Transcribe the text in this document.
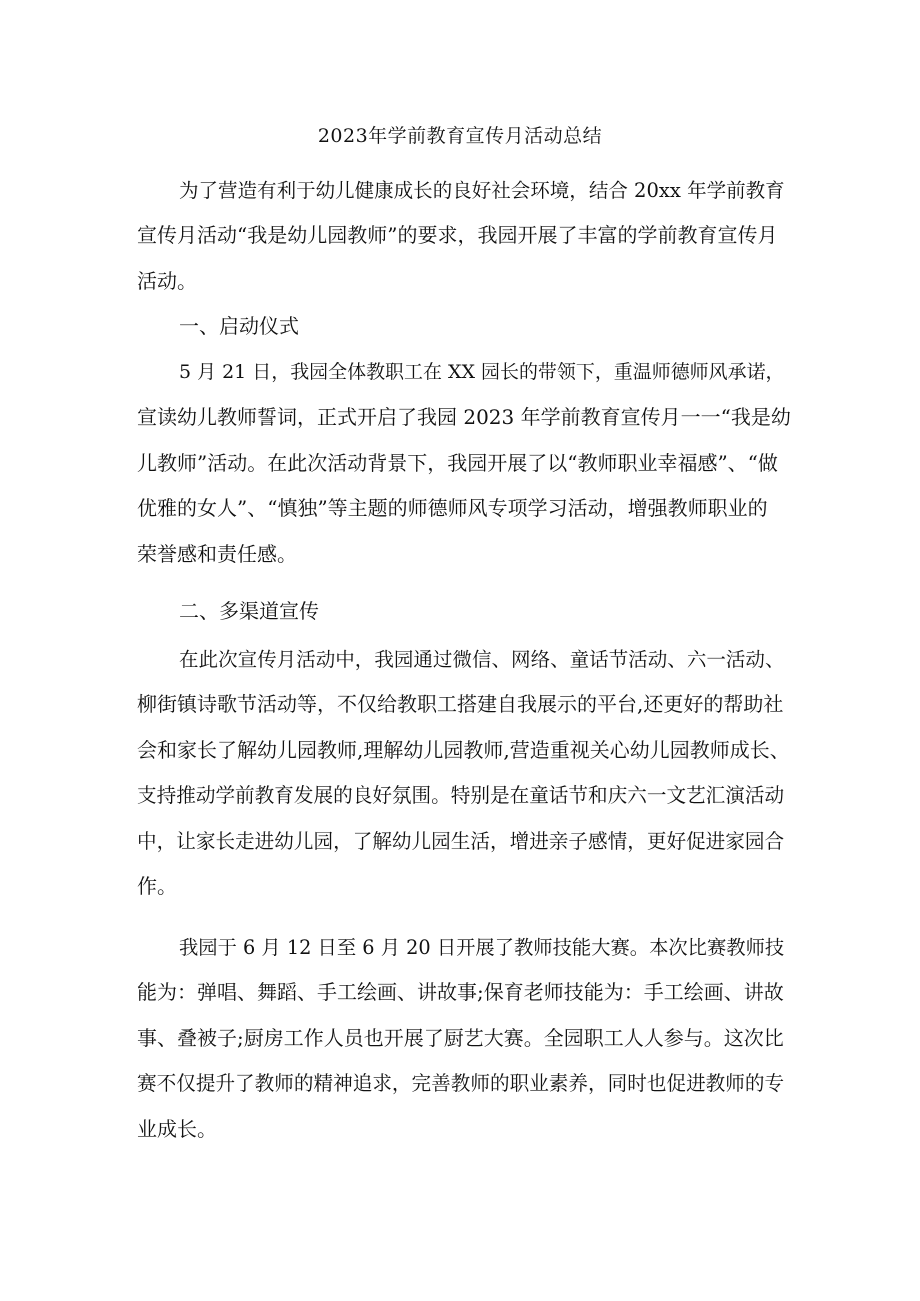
2023年学前教育宣传月活动总结
为了营造有利于幼儿健康成长的良好社会环境，结合 20xx 年学前教育
宣传月活动“我是幼儿园教师”的要求，我园开展了丰富的学前教育宣传月
活动。
一、启动仪式
5 月 21 日，我园全体教职工在 XX 园长的带领下，重温师德师风承诺，
宣读幼儿教师誓词，正式开启了我园 2023 年学前教育宣传月一一“我是幼
儿教师”活动。在此次活动背景下，我园开展了以“教师职业幸福感”、“做
优雅的女人”、“慎独”等主题的师德师风专项学习活动，增强教师职业的
荣誉感和责任感。
二、多渠道宣传
在此次宣传月活动中，我园通过微信、网络、童话节活动、六一活动、
柳街镇诗歌节活动等，不仅给教职工搭建自我展示的平台,还更好的帮助社
会和家长了解幼儿园教师,理解幼儿园教师,营造重视关心幼儿园教师成长、
支持推动学前教育发展的良好氛围。特别是在童话节和庆六一文艺汇演活动
中，让家长走进幼儿园，了解幼儿园生活，增进亲子感情，更好促进家园合
作。
我园于 6 月 12 日至 6 月 20 日开展了教师技能大赛。本次比赛教师技
能为：弹唱、舞蹈、手工绘画、讲故事;保育老师技能为：手工绘画、讲故
事、叠被子;厨房工作人员也开展了厨艺大赛。全园职工人人参与。这次比
赛不仅提升了教师的精神追求，完善教师的职业素养，同时也促进教师的专
业成长。
